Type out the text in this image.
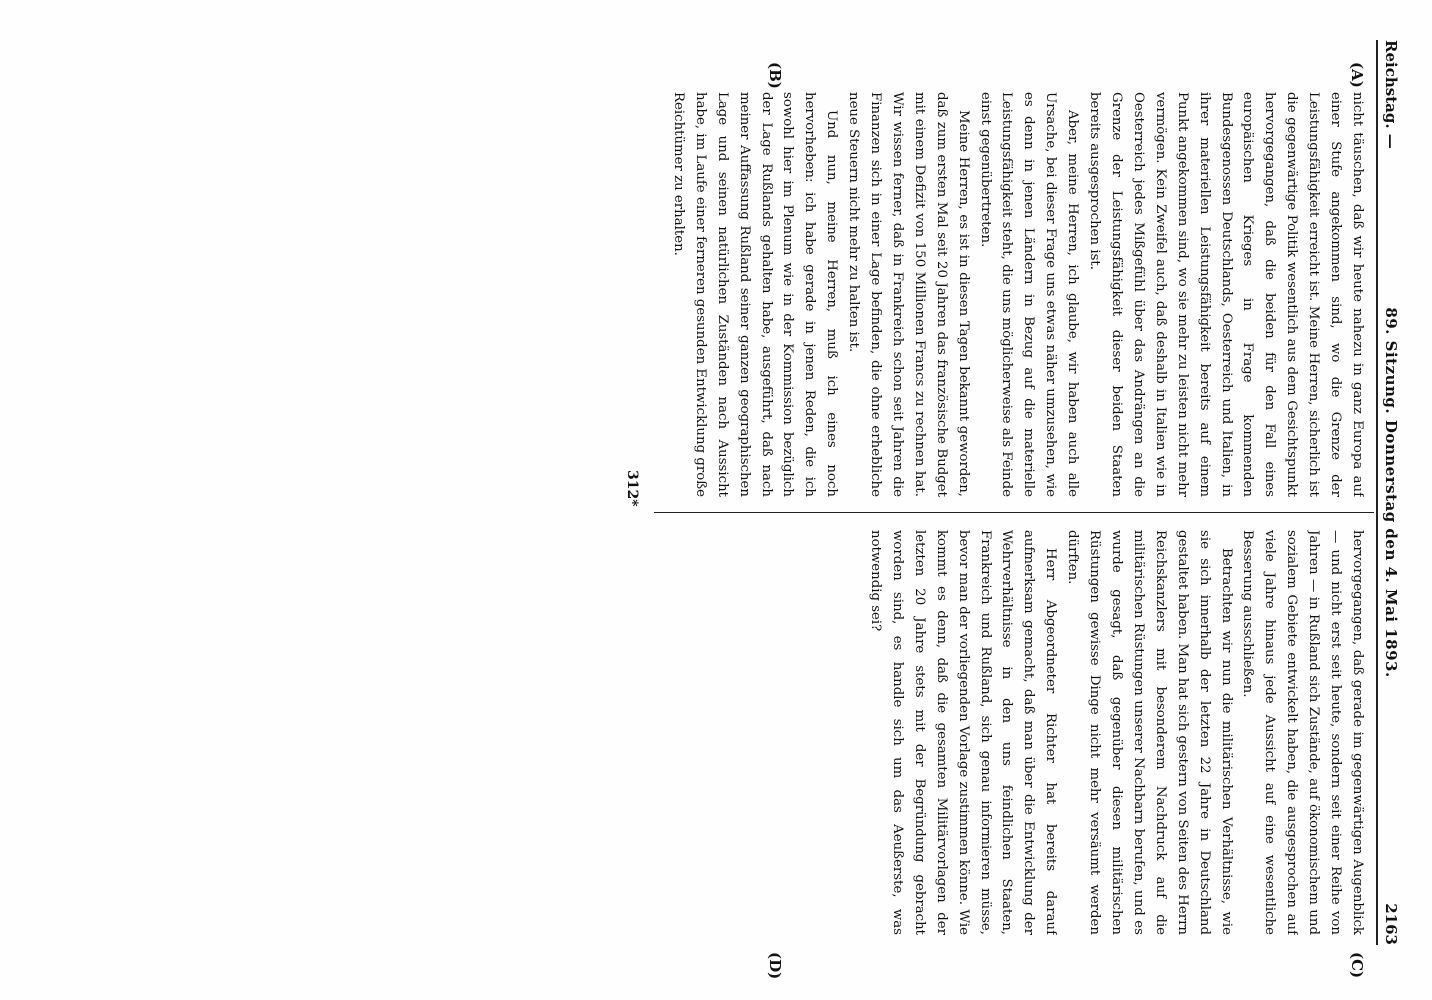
Reichstag. —
89. Sitzung. Donnerstag den 4. Mai 1893.
2163
(A)
(B)
(C)
(D)

nicht täuschen, daß wir heute nahezu in ganz Europa auf einer Stufe angekommen sind, wo die Grenze der Leistungsfähigkeit erreicht ist. Meine Herren, sicherlich ist die gegenwärtige Politik wesentlich aus dem Gesichtspunkt hervorgegangen, daß die beiden für den Fall eines europäischen Krieges in Frage kommenden Bundesgenossen Deutschlands, Oesterreich und Italien, in ihrer materiellen Leistungsfähigkeit bereits auf einem Punkt angekommen sind, wo sie mehr zu leisten nicht mehr vermögen. Kein Zweifel auch, daß deshalb in Italien wie in Oesterreich jedes Mißgefühl über das Andrängen an die Grenze der Leistungsfähigkeit dieser beiden Staaten bereits ausgesprochen ist.

Aber, meine Herren, ich glaube, wir haben auch alle Ursache, bei dieser Frage uns etwas näher umzusehen, wie es denn in jenen Ländern in Bezug auf die materielle Leistungsfähigkeit steht, die uns möglicherweise als Feinde einst gegenübertreten.

Meine Herren, es ist in diesen Tagen bekannt geworden, daß zum ersten Mal seit 20 Jahren das französische Budget mit einem Defizit von 150 Millionen Francs zu rechnen hat. Wir wissen ferner, daß in Frankreich schon seit Jahren die Finanzen sich in einer Lage befinden, die ohne erhebliche neue Steuern nicht mehr zu halten ist.

Und nun, meine Herren, muß ich eines noch hervorheben: ich habe gerade in jenen Reden, die ich sowohl hier im Plenum wie in der Kommission bezüglich der Lage Rußlands gehalten habe, ausgeführt, daß nach meiner Auffassung Rußland seiner ganzen geographischen Lage und seinen natürlichen Zuständen nach Aussicht habe, im Laufe einer ferneren gesunden Entwicklung große Reichtümer zu erhalten.

hervorgegangen, daß gerade im gegenwärtigen Augenblick — und nicht erst seit heute, sondern seit einer Reihe von Jahren — in Rußland sich Zustände, auf ökonomischem und sozialem Gebiete entwickelt haben, die ausgesprochen auf viele Jahre hinaus jede Aussicht auf eine wesentliche Besserung ausschließen.

Betrachten wir nun die militärischen Verhältnisse, wie sie sich innerhalb der letzten 22 Jahre in Deutschland gestaltet haben. Man hat sich gestern von Seiten des Herrn Reichskanzlers mit besonderem Nachdruck auf die militärischen Rüstungen unserer Nachbarn berufen, und es wurde gesagt, daß gegenüber diesen militärischen Rüstungen gewisse Dinge nicht mehr versäumt werden dürften.

Herr Abgeordneter Richter hat bereits darauf aufmerksam gemacht, daß man über die Entwicklung der Wehrverhältnisse in den uns feindlichen Staaten, Frankreich und Rußland, sich genau informieren müsse, bevor man der vorliegenden Vorlage zustimmen könne. Wie kommt es denn, daß die gesamten Militärvorlagen der letzten 20 Jahre stets mit der Begründung gebracht worden sind, es handle sich um das Aeußerste, was notwendig sei?

312*
